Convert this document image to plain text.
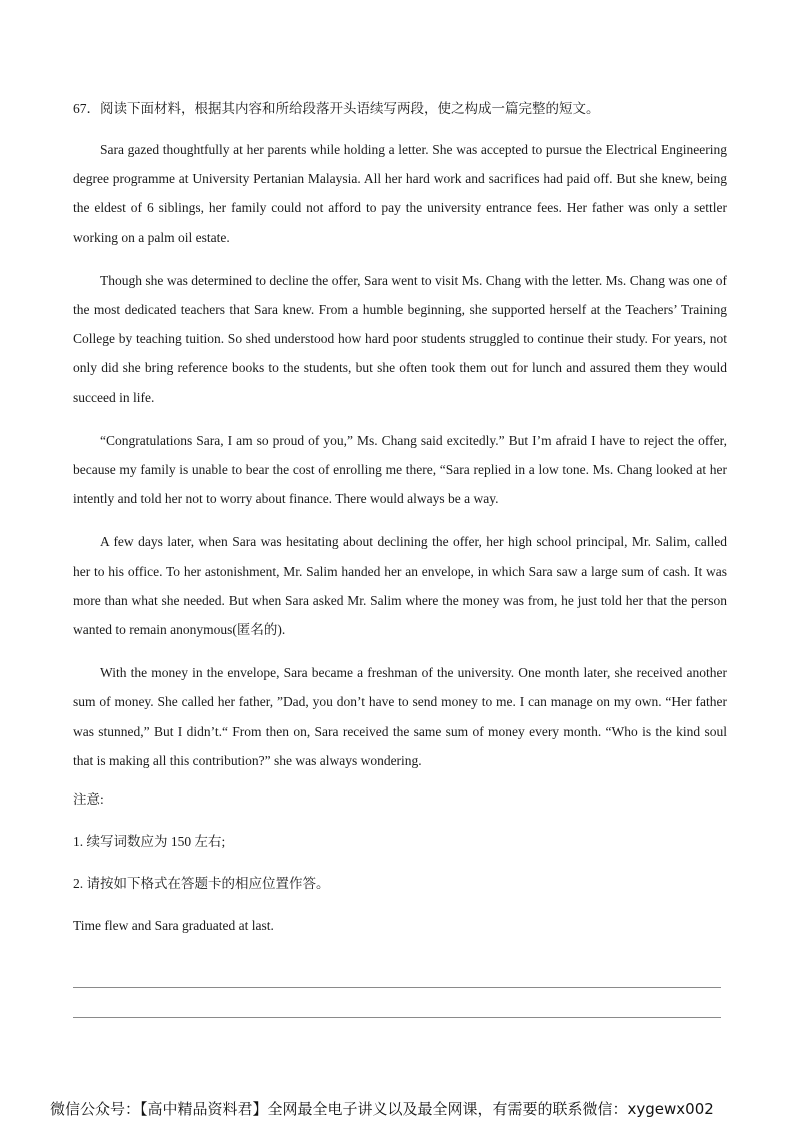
67．阅读下面材料，根据其内容和所给段落开头语续写两段，使之构成一篇完整的短文。

Sara gazed thoughtfully at her parents while holding a letter. She was accepted to pursue the Electrical Engineering degree programme at University Pertanian Malaysia. All her hard work and sacrifices had paid off. But she knew, being the eldest of 6 siblings, her family could not afford to pay the university entrance fees. Her father was only a settler working on a palm oil estate.

Though she was determined to decline the offer, Sara went to visit Ms. Chang with the letter. Ms. Chang was one of the most dedicated teachers that Sara knew. From a humble beginning, she supported herself at the Teachers’ Training College by teaching tuition. So shed understood how hard poor students struggled to continue their study. For years, not only did she bring reference books to the students, but she often took them out for lunch and assured them they would succeed in life.

“Congratulations Sara, I am so proud of you,” Ms. Chang said excitedly.” But I’m afraid I have to reject the offer, because my family is unable to bear the cost of enrolling me there, “Sara replied in a low tone. Ms. Chang looked at her intently and told her not to worry about finance. There would always be a way.

A few days later, when Sara was hesitating about declining the offer, her high school principal, Mr. Salim, called her to his office. To her astonishment, Mr. Salim handed her an envelope, in which Sara saw a large sum of cash. It was more than what she needed. But when Sara asked Mr. Salim where the money was from, he just told her that the person wanted to remain anonymous(匿名的).

With the money in the envelope, Sara became a freshman of the university. One month later, she received another sum of money. She called her father, ”Dad, you don’t have to send money to me. I can manage on my own. “Her father was stunned,” But I didn’t.“ From then on, Sara received the same sum of money every month. “Who is the kind soul that is making all this contribution?” she was always wondering.

注意:

1. 续写词数应为 150 左右;

2. 请按如下格式在答题卡的相应位置作答。

Time flew and Sara graduated at last.

微信公众号：【高中精品资料君】全网最全电子讲义以及最全网课，有需要的联系微信：xygewx002
